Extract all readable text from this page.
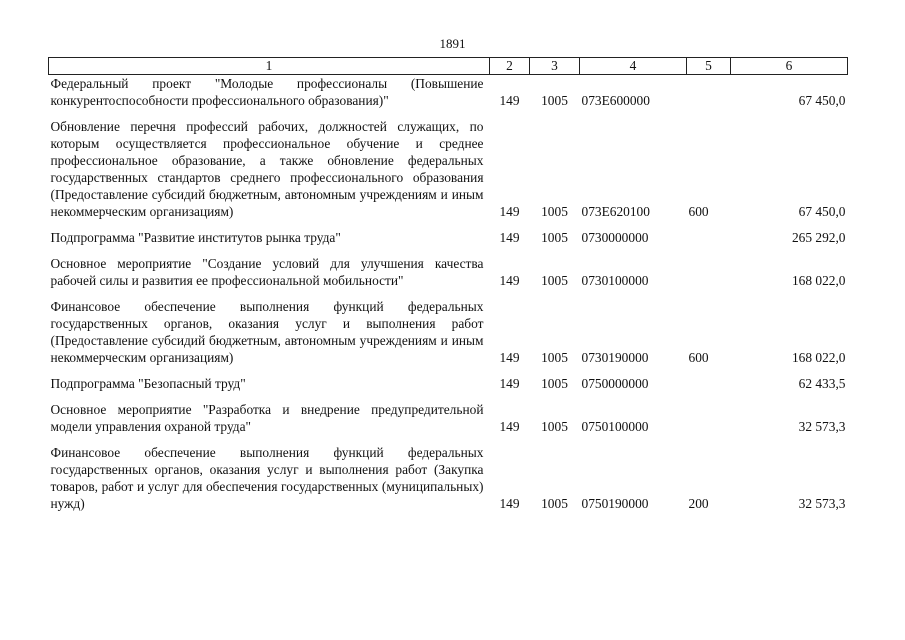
1891
1	2	3	4	5	6
Федеральный проект "Молодые профессионалы (Повышение конкурентоспособности профессионального образования)"	149	1005	073E600000		67 450,0

Обновление перечня профессий рабочих, должностей служащих, по которым осуществляется профессиональное обучение и среднее профессиональное образование, а также обновление федеральных государственных стандартов среднего профессионального образования (Предоставление субсидий бюджетным, автономным учреждениям и иным некоммерческим организациям)	149	1005	073E620100	600	67 450,0

Подпрограмма "Развитие институтов рынка труда"	149	1005	0730000000		265 292,0

Основное мероприятие "Создание условий для улучшения качества рабочей силы и развития ее профессиональной мобильности"	149	1005	0730100000		168 022,0

Финансовое обеспечение выполнения функций федеральных государственных органов, оказания услуг и выполнения работ (Предоставление субсидий бюджетным, автономным учреждениям и иным некоммерческим организациям)	149	1005	0730190000	600	168 022,0

Подпрограмма "Безопасный труд"	149	1005	0750000000		62 433,5

Основное мероприятие "Разработка и внедрение предупредительной модели управления охраной труда"	149	1005	0750100000		32 573,3

Финансовое обеспечение выполнения функций федеральных государственных органов, оказания услуг и выполнения работ (Закупка товаров, работ и услуг для обеспечения государственных (муниципальных) нужд)	149	1005	0750190000	200	32 573,3
